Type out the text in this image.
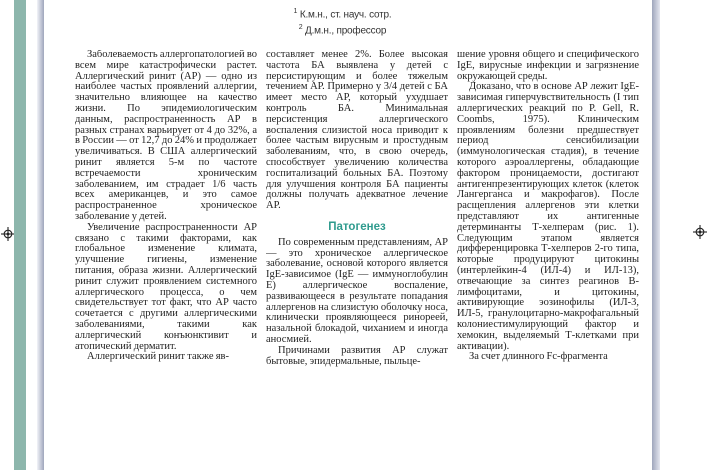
$^1$ К.м.н., ст. науч. сотр.
$^2$ Д.м.н., профессор

Заболеваемость аллергопатологией во всем мире катастрофически растет. Аллергический ринит (АР) — одно из наиболее частых проявлений аллергии, значительно влияющее на качество жизни. По эпидемиологическим данным, распространенность АР в разных странах варьирует от 4 до 32%, а в России — от 12,7 до 24% и продолжает увеличиваться. В США аллергический ринит является 5-м по частоте встречаемости хроническим заболеванием, им страдает 1/6 часть всех американцев, и это самое распространенное хроническое заболевание у детей.

Увеличение распространенности АР связано с такими факторами, как глобальное изменение климата, улучшение гигиены, изменение питания, образа жизни. Аллергический ринит служит проявлением системного аллергического процесса, о чем свидетельствует тот факт, что АР часто сочетается с другими аллергическими заболеваниями, такими как аллергический конъюнктивит и атопический дерматит.

Аллергический ринит также яв-

составляет менее 2%. Более высокая частота БА выявлена у детей с персистирующим и более тяжелым течением АР. Примерно у 3/4 детей с БА имеет место АР, который ухудшает контроль БА. Минимальная персистенция аллергического воспаления слизистой носа приводит к более частым вирусным и простудным заболеваниям, что, в свою очередь, способствует увеличению количества госпитализаций больных БА. Поэтому для улучшения контроля БА пациенты должны получать адекватное лечение АР.

Патогенез

По современным представлениям, АР — это хроническое аллергическое заболевание, основой которого является IgE-зависимое (IgE — иммуноглобулин Е) аллергическое воспаление, развивающееся в результате попадания аллергенов на слизистую оболочку носа, клинически проявляющееся ринореей, назальной блокадой, чиханием и иногда аносмией.

Причинами развития АР служат бытовые, эпидермальные, пыльце-

шение уровня общего и специфического IgE, вирусные инфекции и загрязнение окружающей среды.

Доказано, что в основе АР лежит IgE-зависимая гиперчувствительность (I тип аллергических реакций по P. Gell, R. Coombs, 1975). Клиническим проявлениям болезни предшествует период сенсибилизации (иммунологическая стадия), в течение которого аэроаллергены, обладающие фактором проницаемости, достигают антигенпрезентирующих клеток (клеток Лангерганса и макрофагов). После расщепления аллергенов эти клетки представляют их антигенные детерминанты Т-хелперам (рис. 1). Следующим этапом является дифференцировка Т-хелперов 2-го типа, которые продуцируют цитокины (интерлейкин-4 (ИЛ-4) и ИЛ-13), отвечающие за синтез реагинов В-лимфоцитами, и цитокины, активирующие эозинофилы (ИЛ-3, ИЛ-5, гранулоцитарно-макрофагальный колониестимулирующий фактор и хемокин, выделяемый Т-клетками при активации).

За счет длинного Fc-фрагмента
